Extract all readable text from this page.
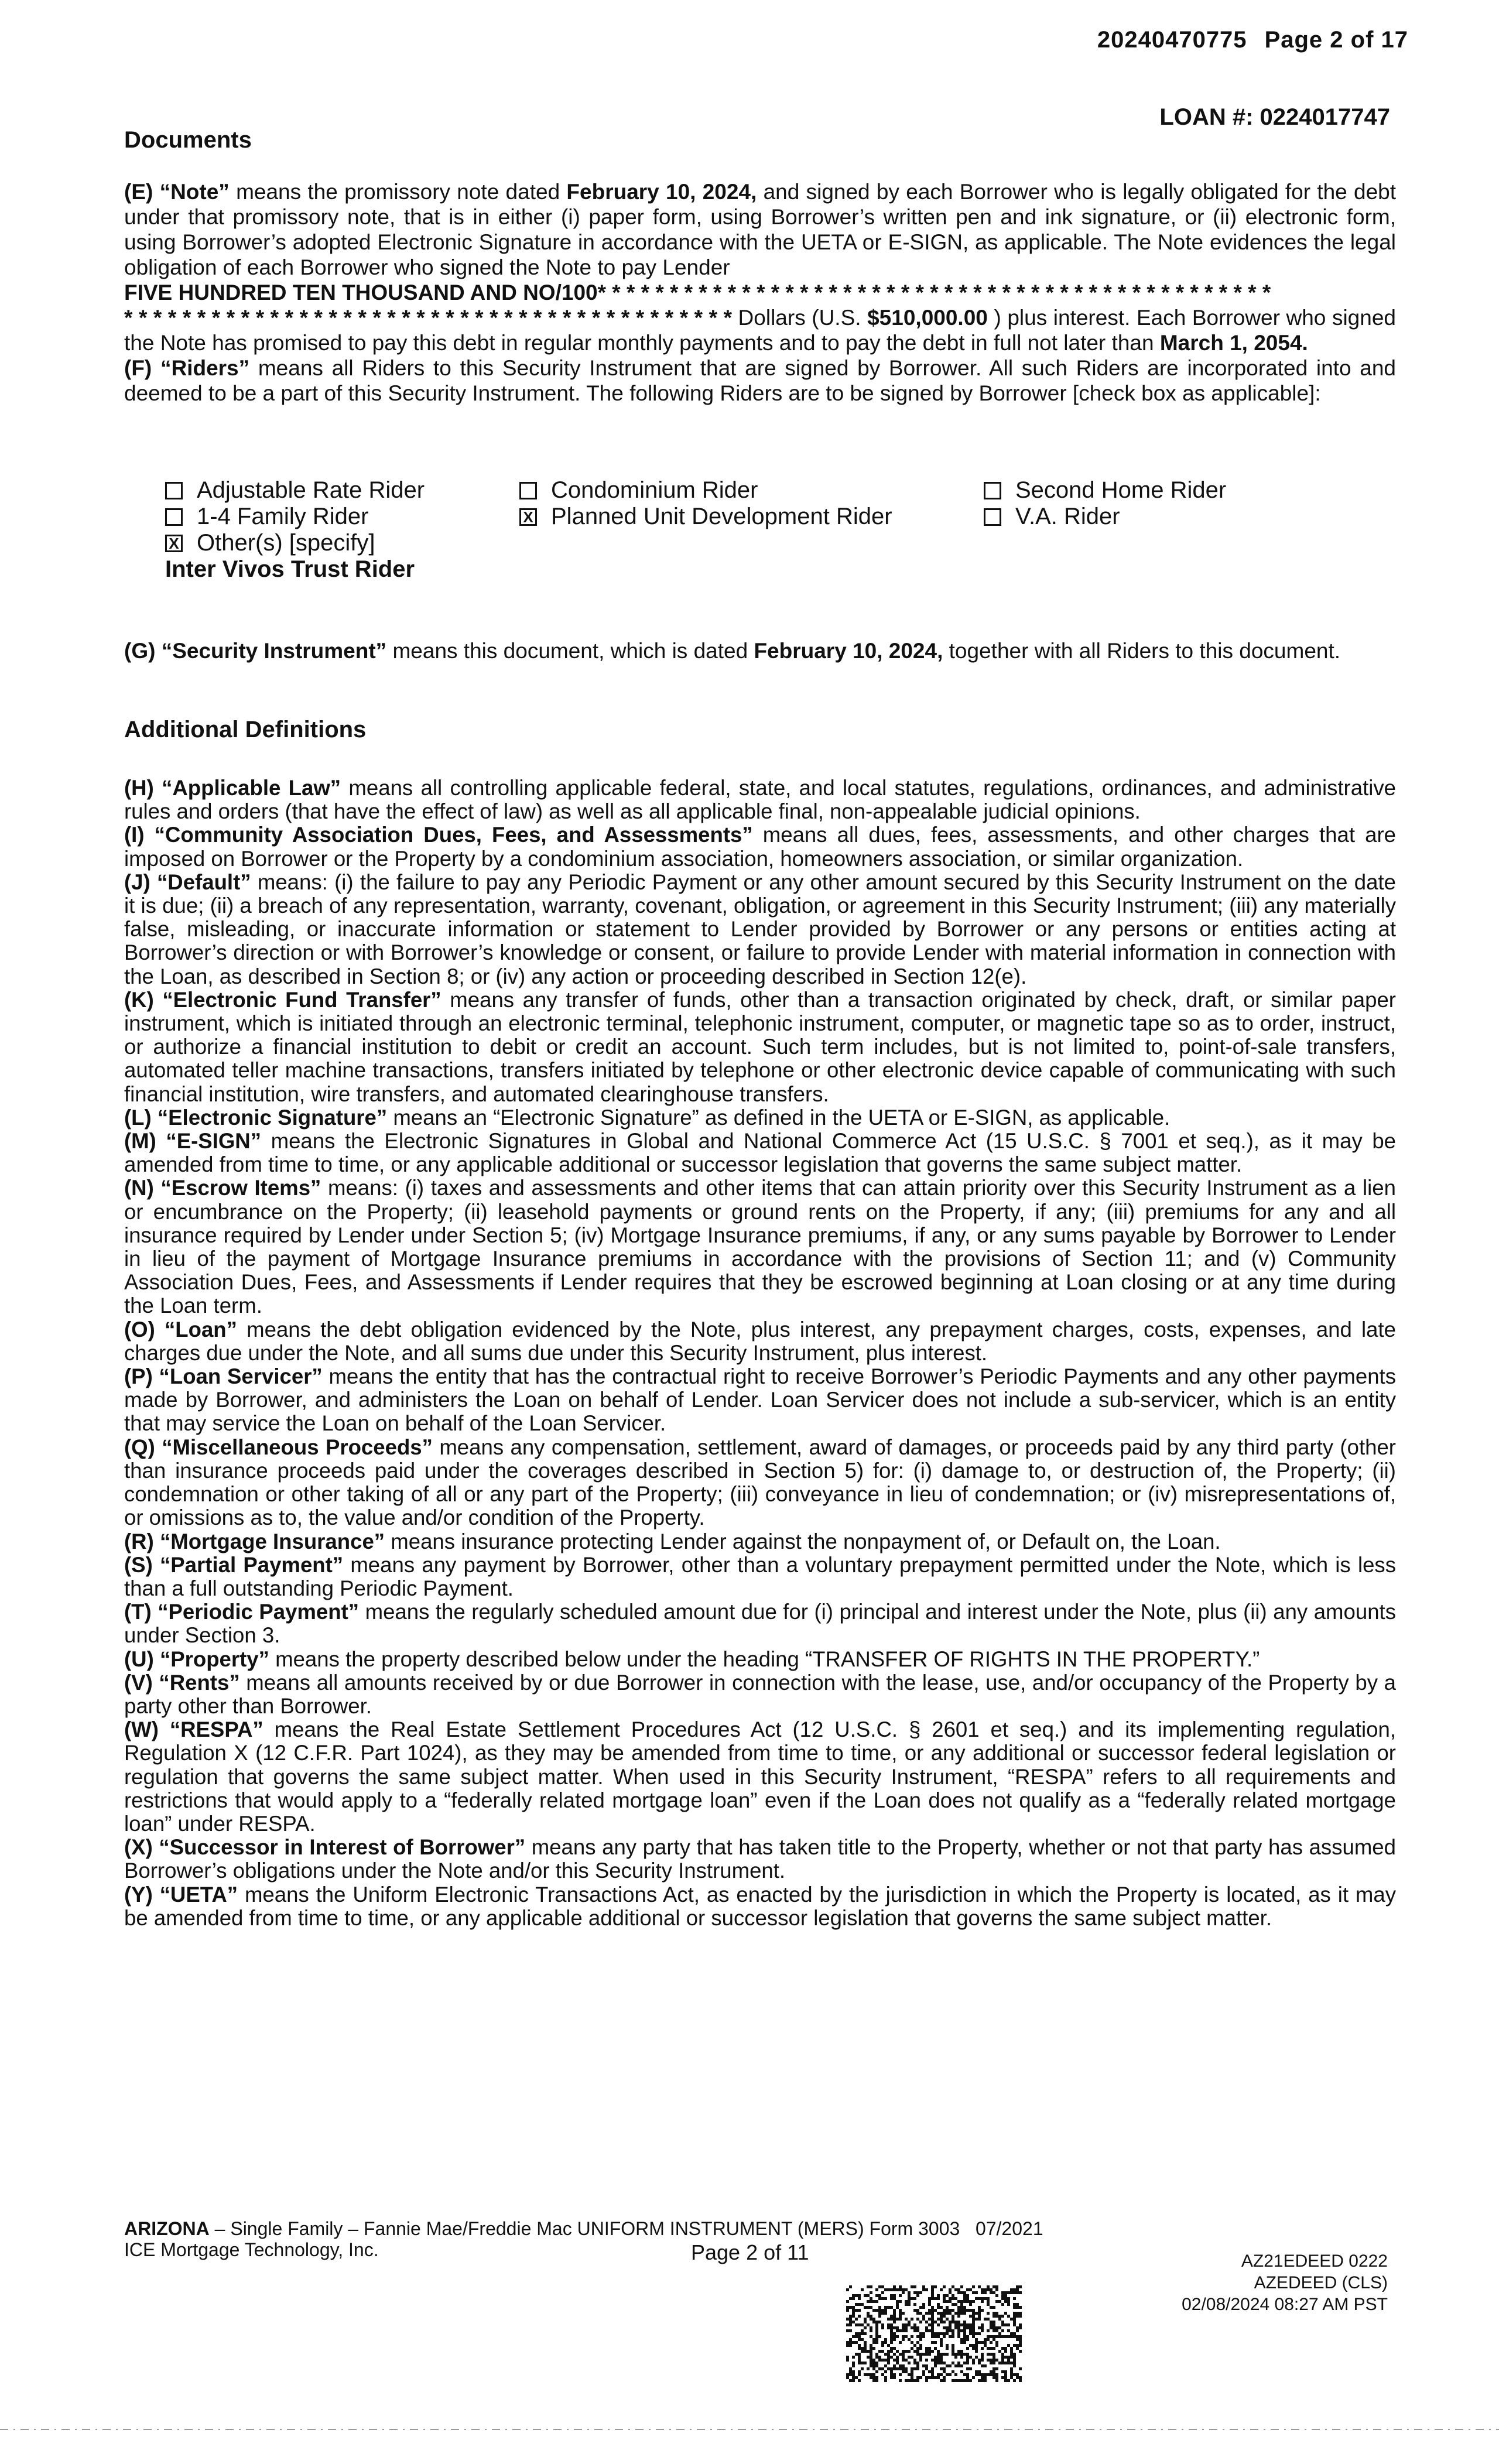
20240470775 Page 2 of 17
LOAN #: 0224017747
Documents

(E) “Note” means the promissory note dated February 10, 2024, and signed by each Borrower who is legally obligated for the debt under that promissory note, that is in either (i) paper form, using Borrower’s written pen and ink signature, or (ii) electronic form, using Borrower’s adopted Electronic Signature in accordance with the UETA or E-SIGN, as applicable. The Note evidences the legal obligation of each Borrower who signed the Note to pay Lender

FIVE HUNDRED TEN THOUSAND AND NO/100* * * * * * * * * * * * * * * * * * * * * * * * * * * * * * * * * * * * * * * * * * * * * * *

* * * * * * * * * * * * * * * * * * * * * * * * * * * * * * * * * * * * * * * * * * Dollars (U.S. $510,000.00 ) plus interest. Each Borrower who signed the Note has promised to pay this debt in regular monthly payments and to pay the debt in full not later than March 1, 2054.

(F) “Riders” means all Riders to this Security Instrument that are signed by Borrower. All such Riders are incorporated into and deemed to be a part of this Security Instrument. The following Riders are to be signed by Borrower [check box as applicable]:

Adjustable Rate Rider
1-4 Family Rider
X Other(s) [specify]
Inter Vivos Trust Rider
Condominium Rider
X Planned Unit Development Rider
Second Home Rider
V.A. Rider

(G) “Security Instrument” means this document, which is dated February 10, 2024, together with all Riders to this document.

Additional Definitions

(H) “Applicable Law” means all controlling applicable federal, state, and local statutes, regulations, ordinances, and administrative rules and orders (that have the effect of law) as well as all applicable final, non-appealable judicial opinions.

(I) “Community Association Dues, Fees, and Assessments” means all dues, fees, assessments, and other charges that are imposed on Borrower or the Property by a condominium association, homeowners association, or similar organization.

(J) “Default” means: (i) the failure to pay any Periodic Payment or any other amount secured by this Security Instrument on the date it is due; (ii) a breach of any representation, warranty, covenant, obligation, or agreement in this Security Instrument; (iii) any materially false, misleading, or inaccurate information or statement to Lender provided by Borrower or any persons or entities acting at Borrower’s direction or with Borrower’s knowledge or consent, or failure to provide Lender with material information in connection with the Loan, as described in Section 8; or (iv) any action or proceeding described in Section 12(e).

(K) “Electronic Fund Transfer” means any transfer of funds, other than a transaction originated by check, draft, or similar paper instrument, which is initiated through an electronic terminal, telephonic instrument, computer, or magnetic tape so as to order, instruct, or authorize a financial institution to debit or credit an account. Such term includes, but is not limited to, point-of-sale transfers, automated teller machine transactions, transfers initiated by telephone or other electronic device capable of communicating with such financial institution, wire transfers, and automated clearinghouse transfers.

(L) “Electronic Signature” means an “Electronic Signature” as defined in the UETA or E-SIGN, as applicable.

(M) “E-SIGN” means the Electronic Signatures in Global and National Commerce Act (15 U.S.C. § 7001 et seq.), as it may be amended from time to time, or any applicable additional or successor legislation that governs the same subject matter.

(N) “Escrow Items” means: (i) taxes and assessments and other items that can attain priority over this Security Instrument as a lien or encumbrance on the Property; (ii) leasehold payments or ground rents on the Property, if any; (iii) premiums for any and all insurance required by Lender under Section 5; (iv) Mortgage Insurance premiums, if any, or any sums payable by Borrower to Lender in lieu of the payment of Mortgage Insurance premiums in accordance with the provisions of Section 11; and (v) Community Association Dues, Fees, and Assessments if Lender requires that they be escrowed beginning at Loan closing or at any time during the Loan term.

(O) “Loan” means the debt obligation evidenced by the Note, plus interest, any prepayment charges, costs, expenses, and late charges due under the Note, and all sums due under this Security Instrument, plus interest.

(P) “Loan Servicer” means the entity that has the contractual right to receive Borrower’s Periodic Payments and any other payments made by Borrower, and administers the Loan on behalf of Lender. Loan Servicer does not include a sub-servicer, which is an entity that may service the Loan on behalf of the Loan Servicer.

(Q) “Miscellaneous Proceeds” means any compensation, settlement, award of damages, or proceeds paid by any third party (other than insurance proceeds paid under the coverages described in Section 5) for: (i) damage to, or destruction of, the Property; (ii) condemnation or other taking of all or any part of the Property; (iii) conveyance in lieu of condemnation; or (iv) misrepresentations of, or omissions as to, the value and/or condition of the Property.

(R) “Mortgage Insurance” means insurance protecting Lender against the nonpayment of, or Default on, the Loan.

(S) “Partial Payment” means any payment by Borrower, other than a voluntary prepayment permitted under the Note, which is less than a full outstanding Periodic Payment.

(T) “Periodic Payment” means the regularly scheduled amount due for (i) principal and interest under the Note, plus (ii) any amounts under Section 3.

(U) “Property” means the property described below under the heading “TRANSFER OF RIGHTS IN THE PROPERTY.”

(V) “Rents” means all amounts received by or due Borrower in connection with the lease, use, and/or occupancy of the Property by a party other than Borrower.

(W) “RESPA” means the Real Estate Settlement Procedures Act (12 U.S.C. § 2601 et seq.) and its implementing regulation, Regulation X (12 C.F.R. Part 1024), as they may be amended from time to time, or any additional or successor federal legislation or regulation that governs the same subject matter. When used in this Security Instrument, “RESPA” refers to all requirements and restrictions that would apply to a “federally related mortgage loan” even if the Loan does not qualify as a “federally related mortgage loan” under RESPA.

(X) “Successor in Interest of Borrower” means any party that has taken title to the Property, whether or not that party has assumed Borrower’s obligations under the Note and/or this Security Instrument.

(Y) “UETA” means the Uniform Electronic Transactions Act, as enacted by the jurisdiction in which the Property is located, as it may be amended from time to time, or any applicable additional or successor legislation that governs the same subject matter.

ARIZONA – Single Family – Fannie Mae/Freddie Mac UNIFORM INSTRUMENT (MERS) Form 3003 07/2021
ICE Mortgage Technology, Inc.	Page 2 of 11	AZ21EDEED 0222
AZEDEED (CLS)
02/08/2024 08:27 AM PST
